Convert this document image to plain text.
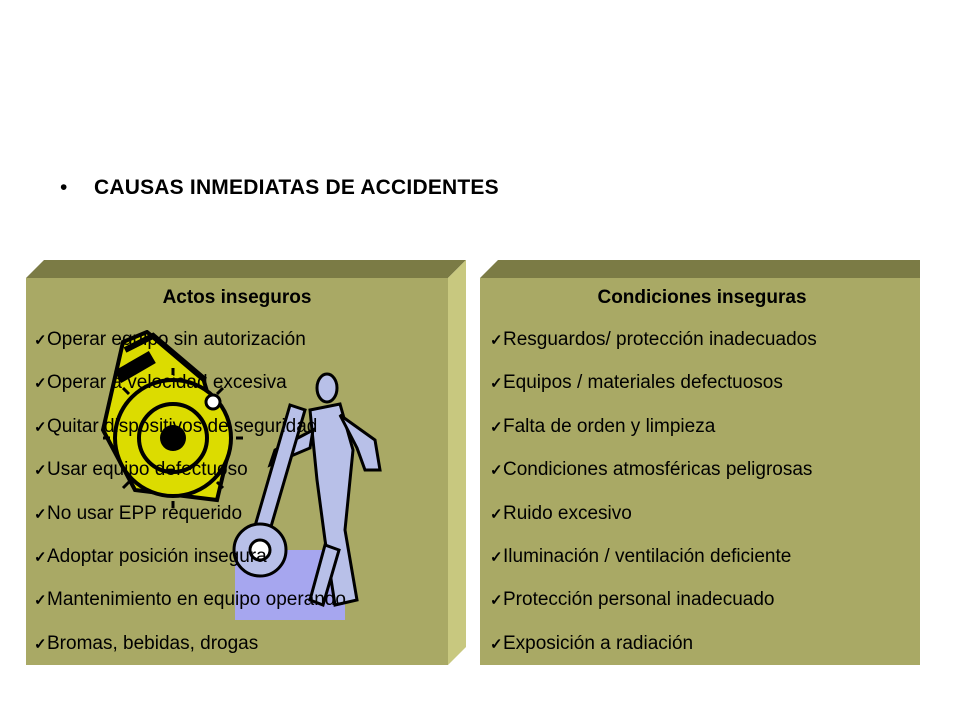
• CAUSAS INMEDIATAS DE ACCIDENTES
Actos inseguros
✓Operar equipo sin autorización
✓Operar a velocidad excesiva
✓Quitar dispositivos de seguridad
✓Usar equipo defectuoso
✓No usar EPP requerido
✓Adoptar posición insegura
✓Mantenimiento en equipo operando
✓Bromas, bebidas, drogas
Condiciones inseguras
✓Resguardos/ protección inadecuados
✓Equipos / materiales defectuosos
✓Falta de orden y limpieza
✓Condiciones atmosféricas peligrosas
✓Ruido excesivo
✓Iluminación / ventilación deficiente
✓Protección personal inadecuado
✓Exposición a radiación
